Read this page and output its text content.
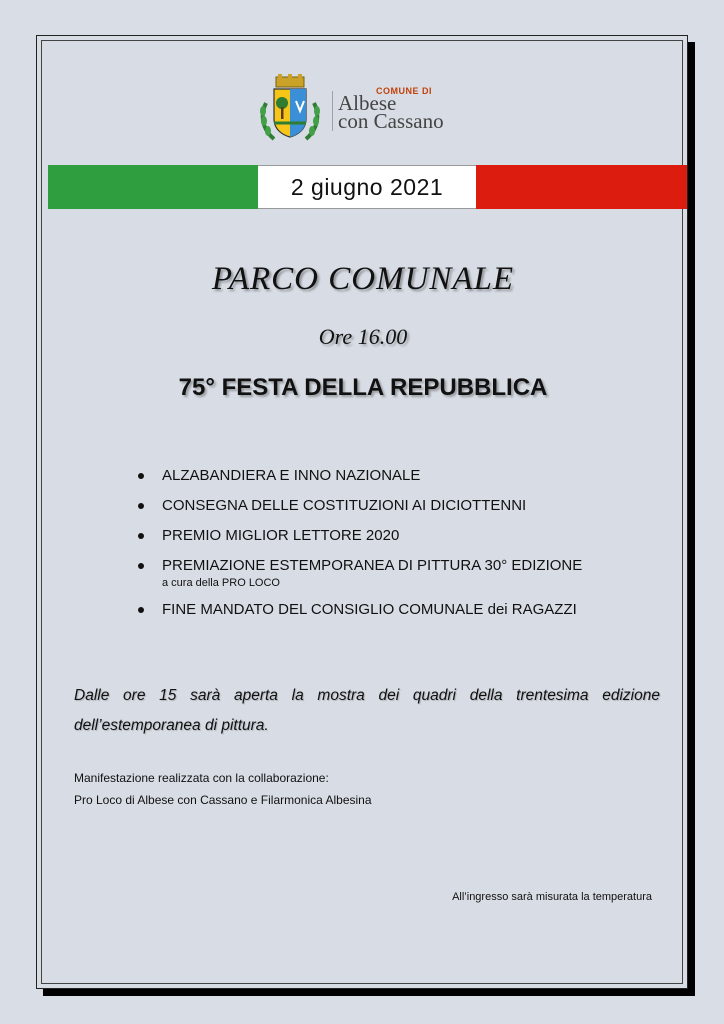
COMUNE DI
Albese
con Cassano
2 giugno 2021
PARCO COMUNALE
Ore 16.00
75° FESTA DELLA REPUBBLICA
ALZABANDIERA E INNO NAZIONALE
CONSEGNA DELLE COSTITUZIONI AI DICIOTTENNI
PREMIO MIGLIOR LETTORE 2020
PREMIAZIONE ESTEMPORANEA DI PITTURA 30° EDIZIONE
a cura della PRO LOCO
FINE MANDATO DEL CONSIGLIO COMUNALE dei RAGAZZI
Dalle ore 15 sarà aperta la mostra dei quadri della trentesima edizione dell’estemporanea di pittura.
Manifestazione realizzata con la collaborazione:
Pro Loco di Albese con Cassano e Filarmonica Albesina
All’ingresso sarà misurata la temperatura
